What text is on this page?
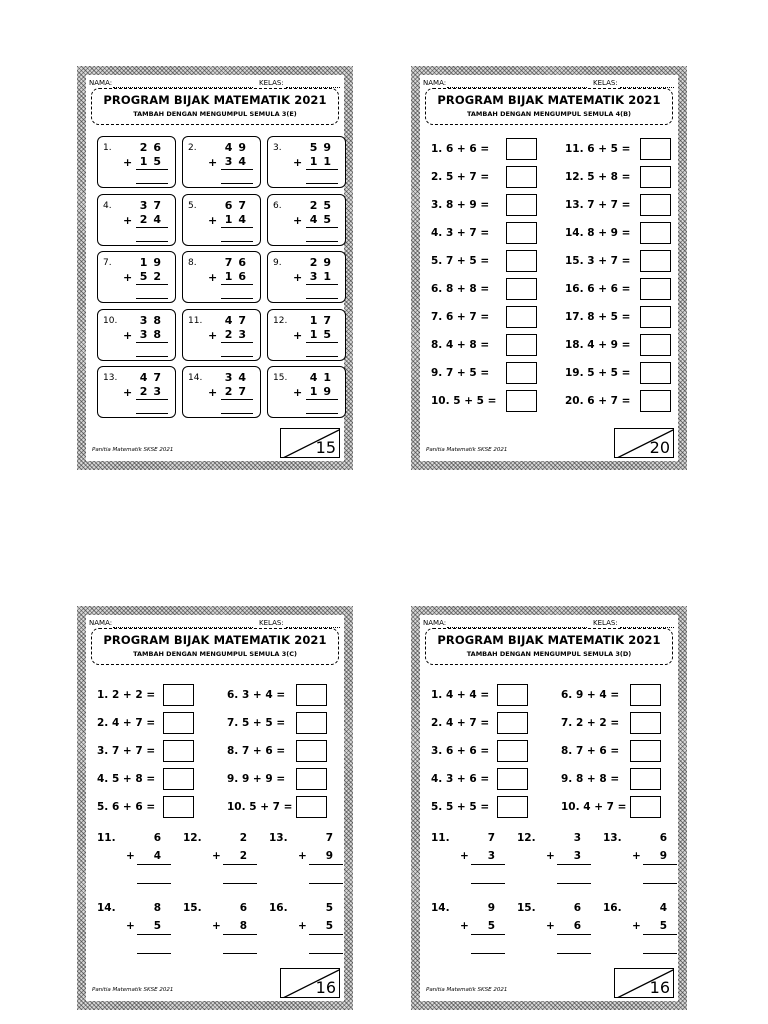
NAMA:	KELAS:
PROGRAM BIJAK MATEMATIK 2021
TAMBAH DENGAN MENGUMPUL SEMULA 3(E)
Panitia Matematik SKSE 2021	15
1.	26
+ 15
2.	49
+ 34
3.	59
+ 11
4.	37
+ 24
5.	67
+ 14
6.	25
+ 45
7.	19
+ 52
8.	76
+ 16
9.	29
+ 31
10. 38
+ 38
11. 47
+ 23
12. 17
+ 15
13. 47
+ 23
14. 34
+ 27
15. 41
+ 19
NAMA:	KELAS:
PROGRAM BIJAK MATEMATIK 2021
TAMBAH DENGAN MENGUMPUL SEMULA 4(B)
Panitia Matematik SKSE 2021	20
1. 6 + 6 =
2. 5 + 7 =
3. 8 + 9 =
4. 3 + 7 =
5. 7 + 5 =
6. 8 + 8 =
7. 6 + 7 =
8. 4 + 8 =
9. 7 + 5 =
10. 5 + 5 =
11. 6 + 5 =
12. 5 + 8 =
13. 7 + 7 =
14. 8 + 9 =
15. 3 + 7 =
16. 6 + 6 =
17. 8 + 5 =
18. 4 + 9 =
19. 5 + 5 =
20. 6 + 7 =
NAMA:	KELAS:
PROGRAM BIJAK MATEMATIK 2021
TAMBAH DENGAN MENGUMPUL SEMULA 3(C)
Panitia Matematik SKSE 2021	16
1. 2 + 2 =
2. 4 + 7 =
3. 7 + 7 =
4. 5 + 8 =
5. 6 + 6 =
6. 3 + 4 =
7. 5 + 5 =
8. 7 + 6 =
9. 9 + 9 =
10. 5 + 7 =
11.	6
+ 4
12.	2
+ 2
13.	7
+ 9
14.	8
+ 5
15.	6
+ 8
16.	5
+ 5
NAMA:	KELAS:
PROGRAM BIJAK MATEMATIK 2021
TAMBAH DENGAN MENGUMPUL SEMULA 3(D)
Panitia Matematik SKSE 2021	16
1. 4 + 4 =
2. 4 + 7 =
3. 6 + 6 =
4. 3 + 6 =
5. 5 + 5 =
6. 9 + 4 =
7. 2 + 2 =
8. 7 + 6 =
9. 8 + 8 =
10. 4 + 7 =
11.	7
+ 3
12.	3
+ 3
13.	6
+ 9
14.	9
+ 5
15.	6
+ 6
16.	4
+ 5
